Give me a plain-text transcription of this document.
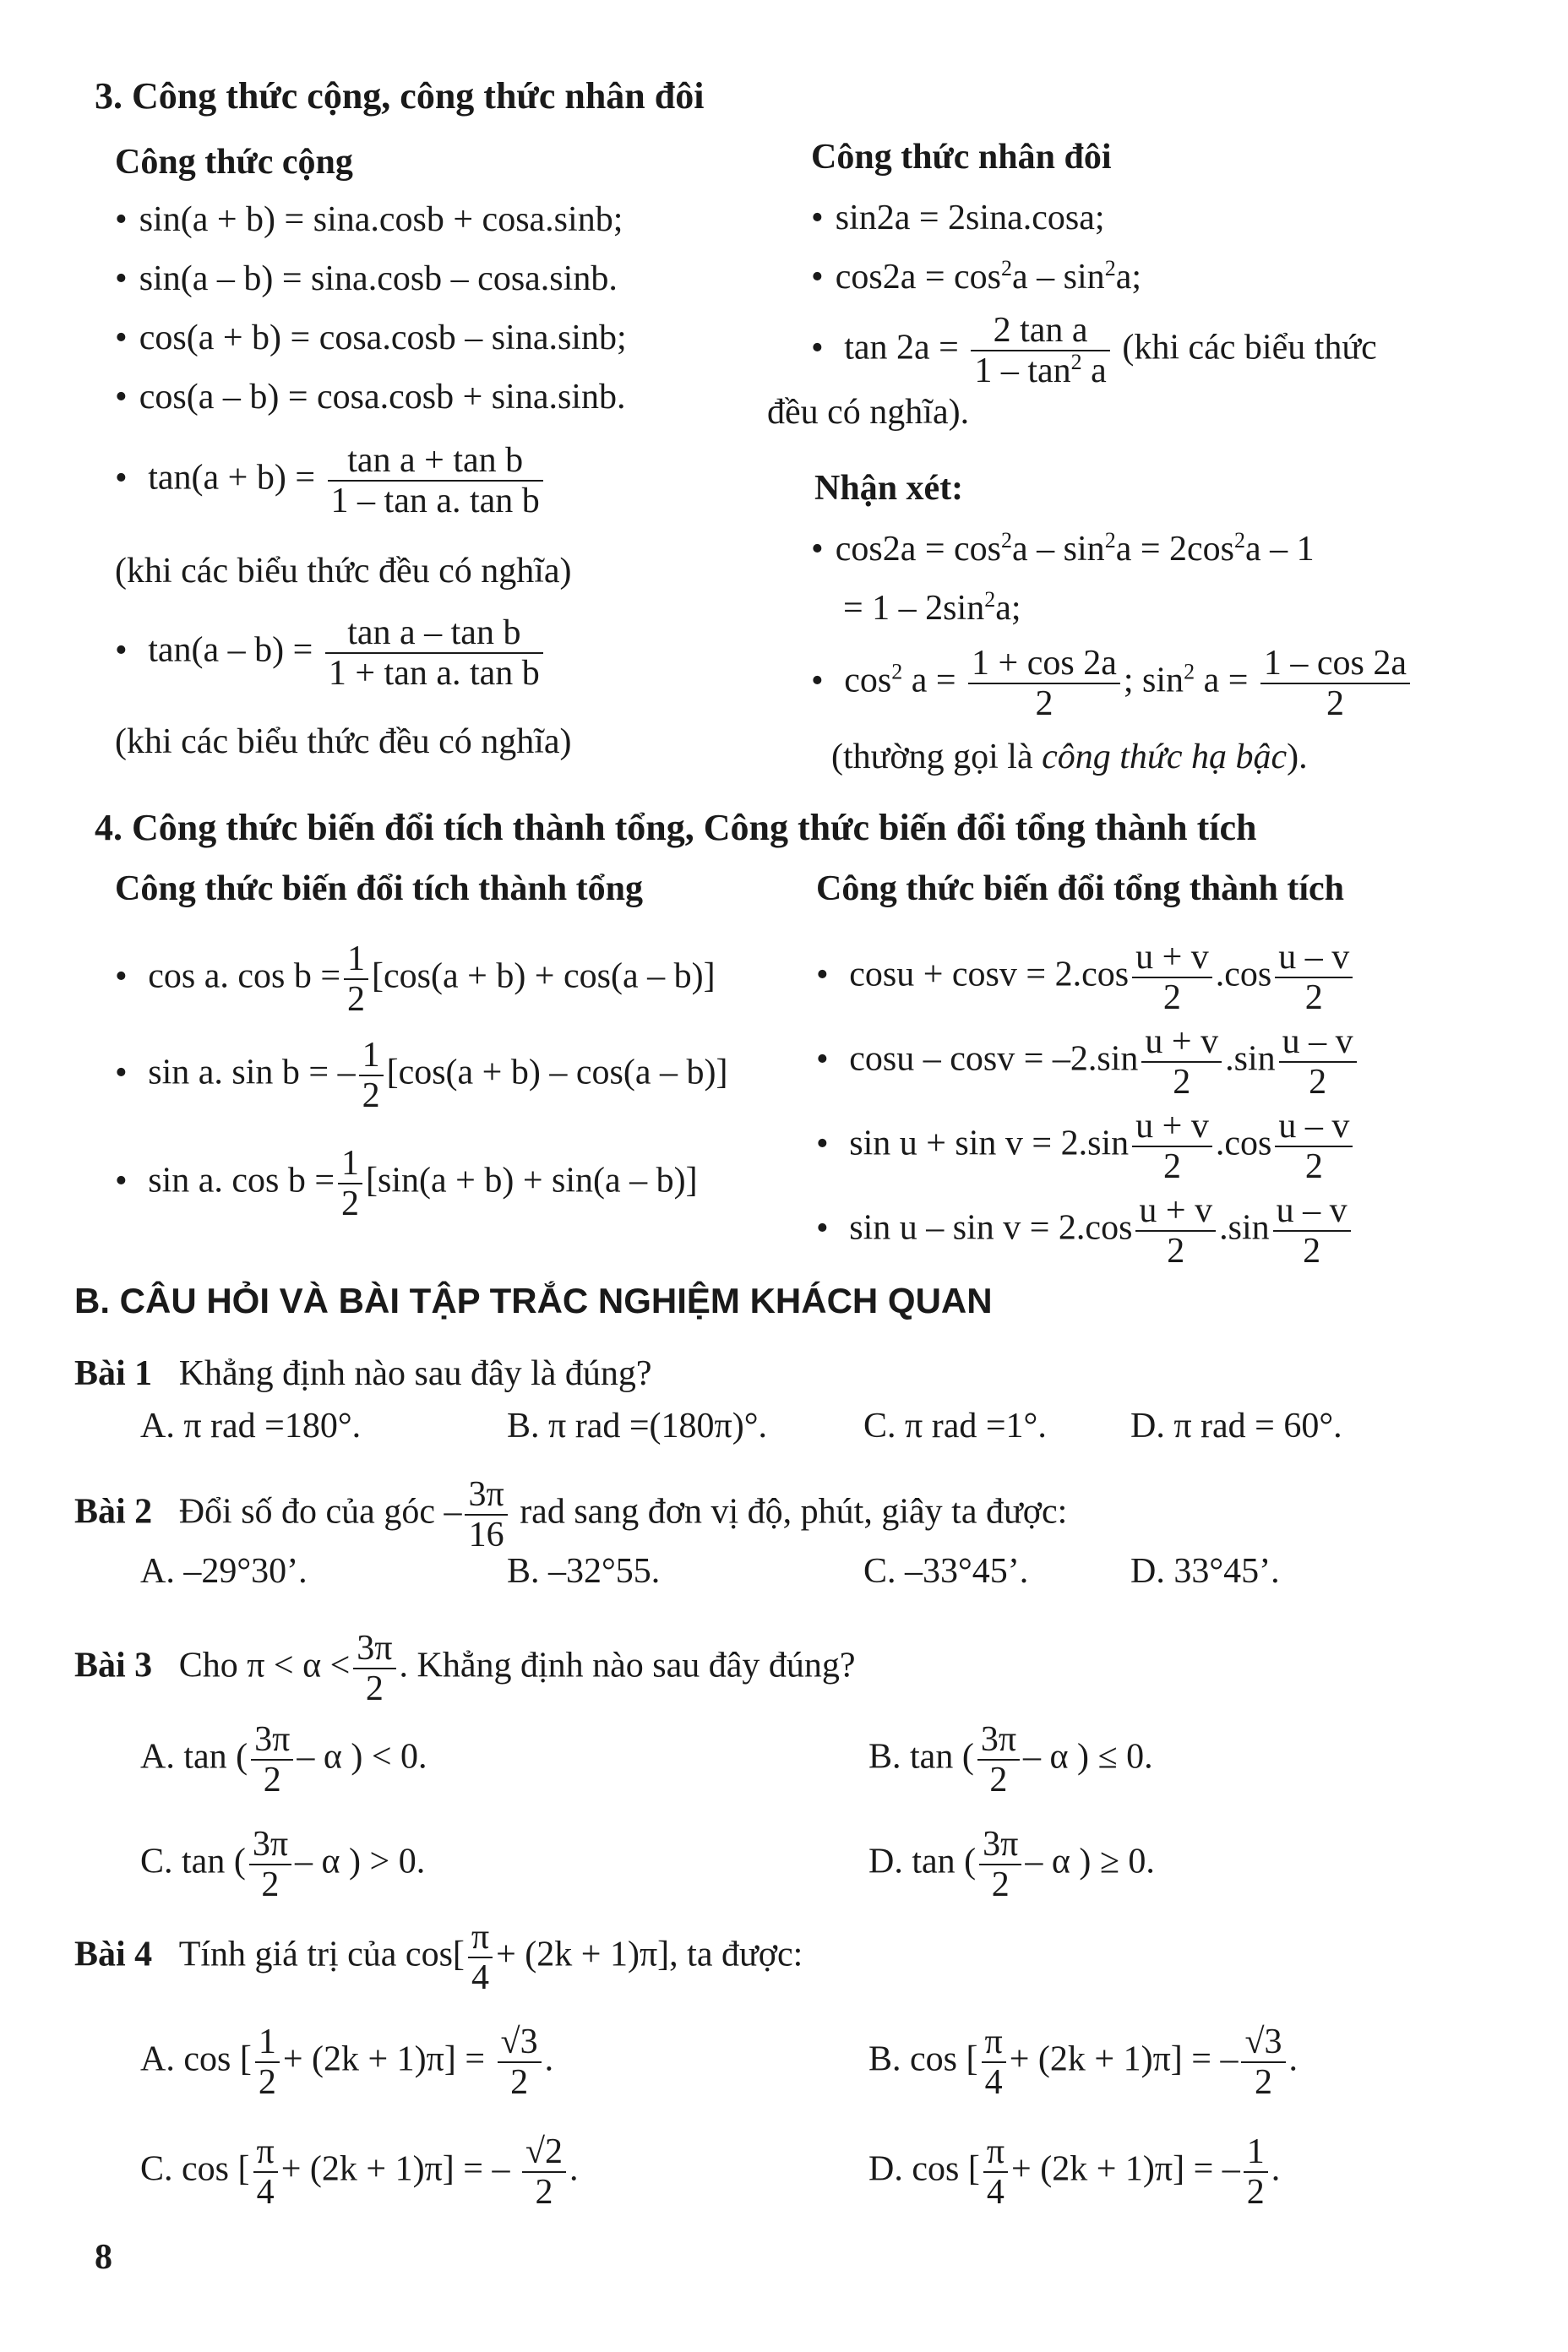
3. Công thức cộng, công thức nhân đôi
Công thức cộng	Công thức nhân đôi
• sin(a + b) = sina.cosb + cosa.sinb;
• sin(a – b) = sina.cosb – cosa.sinb.
• cos(a + b) = cosa.cosb – sina.sinb;
• cos(a – b) = cosa.cosb + sina.sinb.
• $\tan(a + b) = \frac{\text{tan a + tan b}}{\text{1 – tan a. tan b}}$
(khi các biểu thức đều có nghĩa)
• $\tan(a - b) = \frac{\text{tan a – tan b}}{\text{1 + tan a. tan b}}$
(khi các biểu thức đều có nghĩa)
• sin2a = 2sina.cosa;
• $\cos 2a = \cos^2a - \sin^2a$;
• $\tan 2a = \frac{\text{2 tan a}}{1 - \tan^2 a} (khi$ các biểu thức
đều có nghĩa).
Nhận xét:
• $\cos 2a = \cos^2a - \sin^2a = 2\cos^2a - 1$
= $1 - 2\sin^2a$;
• $\cos^2 a = \frac{1 + \cos 2a}{2}$ ; $\sin^2 a = \frac{1 - \cos 2a}{2}$
(thường gọi là công thức hạ bậc).
4. Công thức biến đổi tích thành tổng, Công thức biến đổi tổng thành tích
Công thức biến đổi tích thành tổng	Công thức biến đổi tổng thành tích
• cos a. $\cos b = \frac{1}{2} [\cos(a + b) + \cos(a - b)]$
• sin a. sin b = – $\frac{1}{2} [\cos(a + b) - \cos(a - b)]$
• sin a. $\cos b = \frac{1}{2} [\sin(a + b) + \sin(a - b)]$
• $\cos u + \cos v = 2.\cos \frac{u + v}{2} .\cos \frac{u - v}{2}$
• $\cos u - \cos v = -2.\sin \frac{u + v}{2} .\sin \frac{u - v}{2}$
• $\sin u + \sin v = 2.\sin \frac{u + v}{2} .\cos \frac{u - v}{2}$
• $\sin u - \sin v = 2.\cos \frac{u + v}{2} .\sin \frac{u - v}{2}$
B. CÂU HỎI VÀ BÀI TẬP TRẮC NGHIỆM KHÁCH QUAN
Bài 1 Khẳng định nào sau đây là đúng?
A. π rad =180°.	B. π rad =(180π)°.	C. π rad =1°. D. π rad = 60°.
Bài 2 Đổi số đo của góc – $\frac{3\pi}{16}$ rad sang đơn vị độ, phút, giây ta được:
A. –29°30’.	B. –32°55.	C. –33°45’.	D. 33°45’.
Bài 3 Cho $\pi < \alpha < \frac{3\pi}{2}$ . Khẳng định nào sau đây đúng?
A. tan ( $\frac{3\pi}{2}$ – α ) < 0.	B. tan ( $\frac{3\pi}{2}$ – α ) ≤ 0.
C. tan ( $\frac{3\pi}{2}$ – α ) > 0.	D. tan ( $\frac{3\pi}{2}$ – α ) ≥ 0.
Bài 4 Tính giá trị của $\cos[ \frac{\pi}{4} + (2k + 1)\pi]$, ta được:
A. cos [ $\frac{1}{2} + (2k + 1)\pi] = \frac{√3}{2}$ .	B. cos [ $\frac{\pi}{4} + (2k + 1)\pi$] = – $\frac{√3}{2}$ .
C. cos [ $\frac{\pi}{4} + (2k + 1)\pi$] = – $\frac{√2}{2}$ .	D. cos [ $\frac{\pi}{4} + (2k + 1)\pi$] = – $\frac{1}{2}$ .
8
